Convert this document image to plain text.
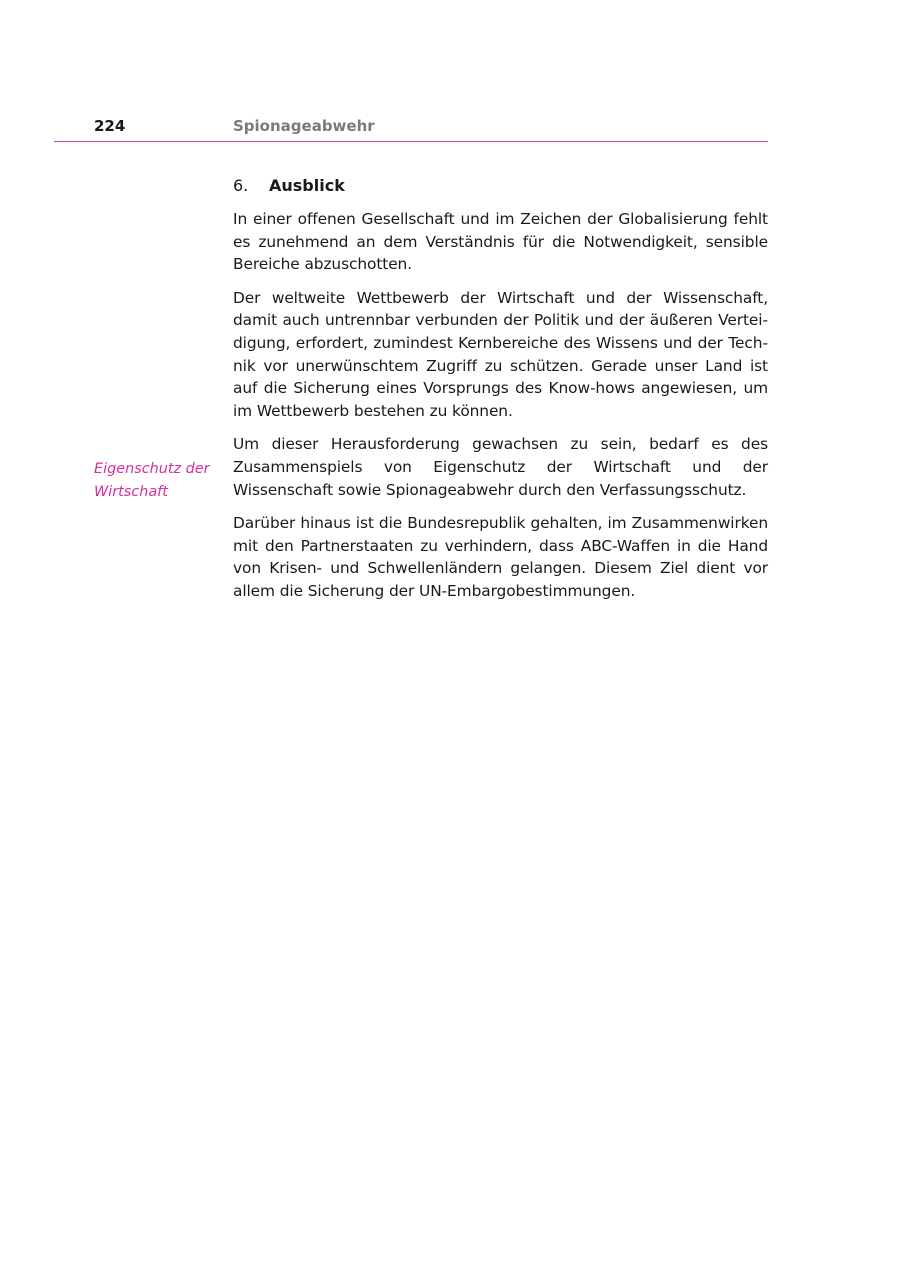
224	Spionageabwehr
Eigenschutz der Wirtschaft
6. Ausblick

In einer offenen Gesellschaft und im Zeichen der Globalisierung fehlt es zunehmend an dem Verständnis für die Notwendigkeit, sensible Bereiche abzuschotten.

Der weltweite Wettbewerb der Wirtschaft und der Wissenschaft, damit auch untrennbar verbunden der Politik und der äußeren Verteidigung, erfordert, zumindest Kernbereiche des Wissens und der Technik vor unerwünschtem Zugriff zu schützen. Gerade unser Land ist auf die Sicherung eines Vorsprungs des Know-hows angewiesen, um im Wettbewerb bestehen zu können.

Um dieser Herausforderung gewachsen zu sein, bedarf es des Zusammenspiels von Eigenschutz der Wirtschaft und der Wissenschaft sowie Spionageabwehr durch den Verfassungsschutz.

Darüber hinaus ist die Bundesrepublik gehalten, im Zusammenwirken mit den Partnerstaaten zu verhindern, dass ABC-Waffen in die Hand von Krisen- und Schwellenländern gelangen. Diesem Ziel dient vor allem die Sicherung der UN-Embargobestimmungen.
